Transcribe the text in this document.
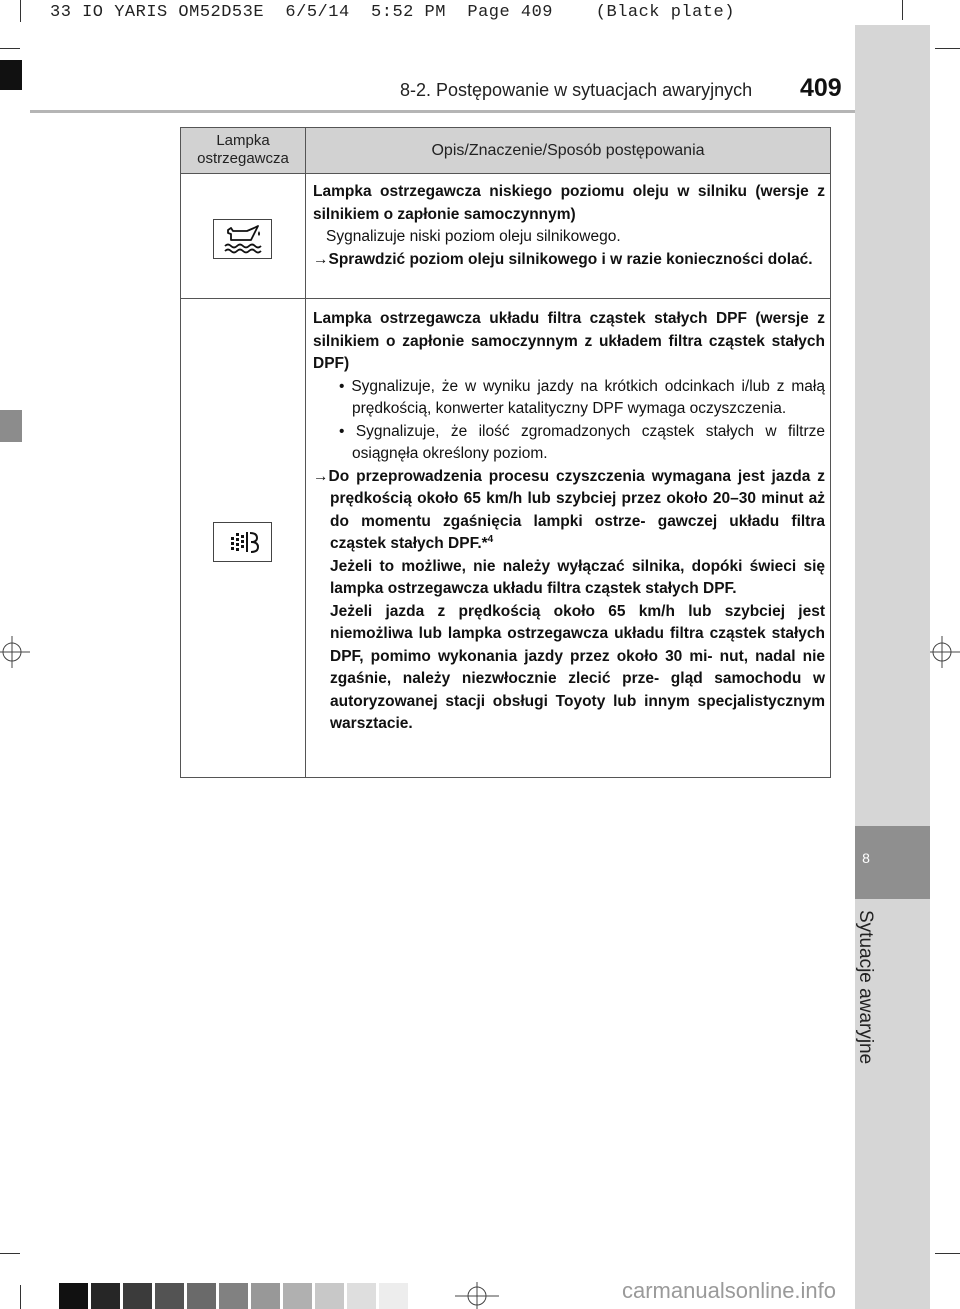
33 IO YARIS OM52D53E  6/5/14  5:52 PM  Page 409    (Black plate)
8
Sytuacje awaryjne
8-2. Postępowanie w sytuacjach awaryjnych 409
Lampka ostrzegawcza	Opis/Znaczenie/Sposób postępowania

Lampka ostrzegawcza niskiego poziomu oleju w silniku (wersje z silnikiem o zapłonie samoczynnym)

Sygnalizuje niski poziom oleju silnikowego.

→Sprawdzić poziom oleju silnikowego i w razie konieczności dolać.

Lampka ostrzegawcza układu filtra cząstek stałych DPF (wersje z silnikiem o zapłonie samoczynnym z układem filtra cząstek stałych DPF)

• Sygnalizuje, że w wyniku jazdy na krótkich odcinkach i/lub z małą prędkością, konwerter katalityczny DPF wymaga oczyszczenia.

• Sygnalizuje, że ilość zgromadzonych cząstek stałych w filtrze osiągnęła określony poziom.

→Do przeprowadzenia procesu czyszczenia wymagana jest jazda z prędkością około 65 km/h lub szybciej przez około 20–30 minut aż do momentu zgaśnięcia lampki ostrze- gawczej układu filtra cząstek stałych DPF.*$^4$

Jeżeli to możliwe, nie należy wyłączać silnika, dopóki świeci się lampka ostrzegawcza układu filtra cząstek stałych DPF.

Jeżeli jazda z prędkością około 65 km/h lub szybciej jest niemożliwa lub lampka ostrzegawcza układu filtra cząstek stałych DPF, pomimo wykonania jazdy przez około 30 mi- nut, nadal nie zgaśnie, należy niezwłocznie zlecić prze- gląd samochodu w autoryzowanej stacji obsługi Toyoty lub innym specjalistycznym warsztacie.

carmanualsonline.info
